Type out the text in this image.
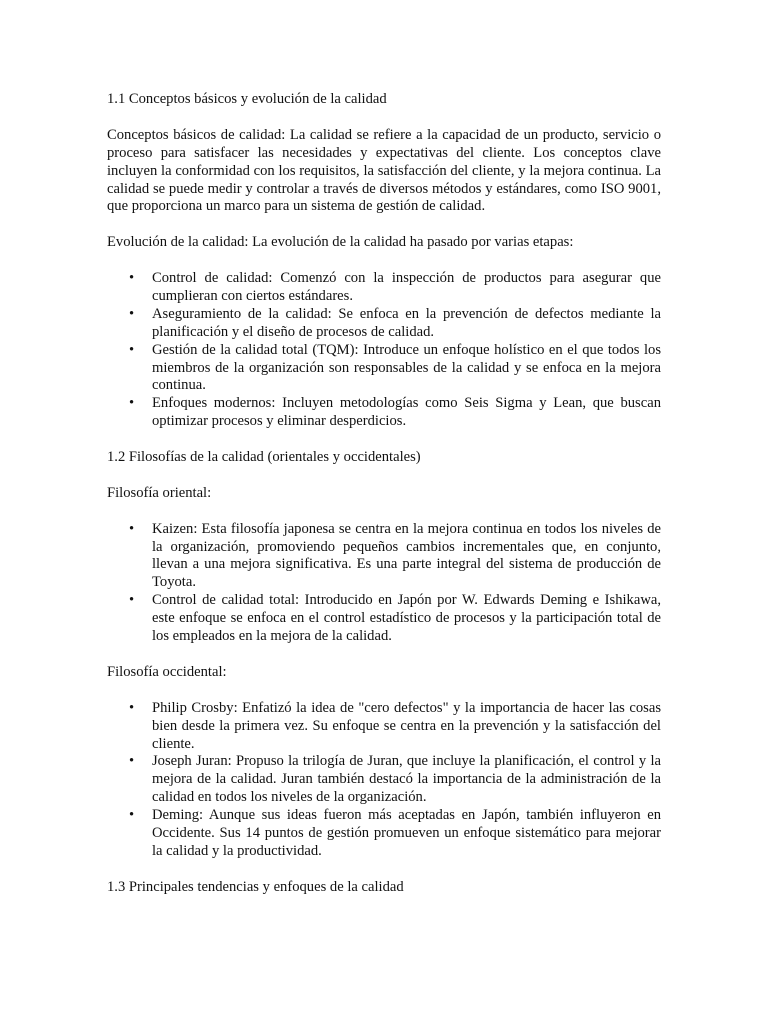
1.1 Conceptos básicos y evolución de la calidad

Conceptos básicos de calidad: La calidad se refiere a la capacidad de un producto, servicio o proceso para satisfacer las necesidades y expectativas del cliente. Los conceptos clave incluyen la conformidad con los requisitos, la satisfacción del cliente, y la mejora continua. La calidad se puede medir y controlar a través de diversos métodos y estándares, como ISO 9001, que proporciona un marco para un sistema de gestión de calidad.

Evolución de la calidad: La evolución de la calidad ha pasado por varias etapas:

• Control de calidad: Comenzó con la inspección de productos para asegurar que cumplieran con ciertos estándares.
• Aseguramiento de la calidad: Se enfoca en la prevención de defectos mediante la planificación y el diseño de procesos de calidad.
• Gestión de la calidad total (TQM): Introduce un enfoque holístico en el que todos los miembros de la organización son responsables de la calidad y se enfoca en la mejora continua.
• Enfoques modernos: Incluyen metodologías como Seis Sigma y Lean, que buscan optimizar procesos y eliminar desperdicios.

1.2 Filosofías de la calidad (orientales y occidentales)

Filosofía oriental:

• Kaizen: Esta filosofía japonesa se centra en la mejora continua en todos los niveles de la organización, promoviendo pequeños cambios incrementales que, en conjunto, llevan a una mejora significativa. Es una parte integral del sistema de producción de Toyota.
• Control de calidad total: Introducido en Japón por W. Edwards Deming e Ishikawa, este enfoque se enfoca en el control estadístico de procesos y la participación total de los empleados en la mejora de la calidad.

Filosofía occidental:

• Philip Crosby: Enfatizó la idea de "cero defectos" y la importancia de hacer las cosas bien desde la primera vez. Su enfoque se centra en la prevención y la satisfacción del cliente.
• Joseph Juran: Propuso la trilogía de Juran, que incluye la planificación, el control y la mejora de la calidad. Juran también destacó la importancia de la administración de la calidad en todos los niveles de la organización.
• Deming: Aunque sus ideas fueron más aceptadas en Japón, también influyeron en Occidente. Sus 14 puntos de gestión promueven un enfoque sistemático para mejorar la calidad y la productividad.

1.3 Principales tendencias y enfoques de la calidad
